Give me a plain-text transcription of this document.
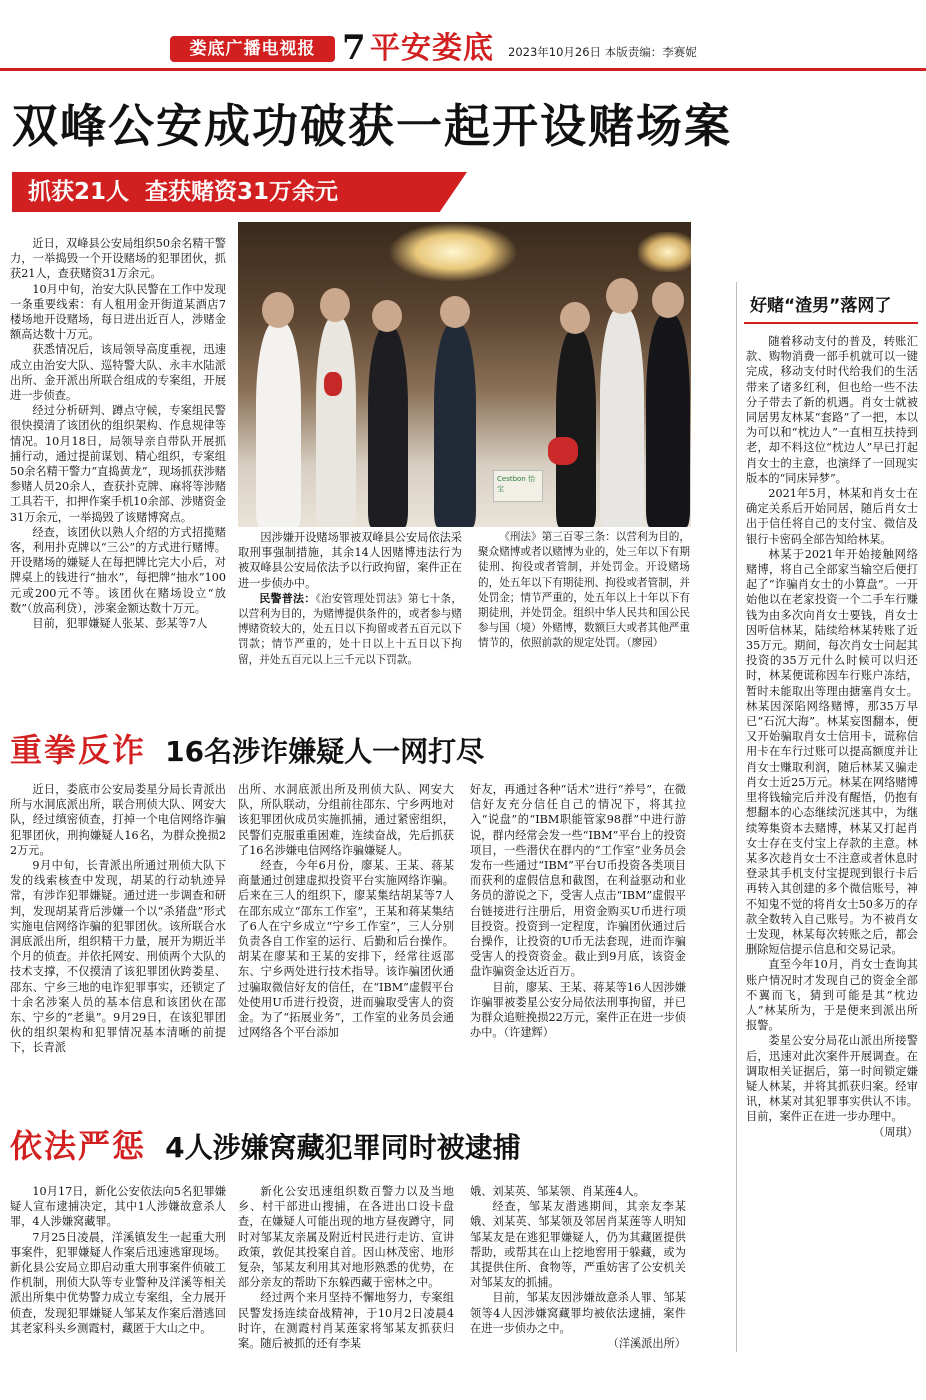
娄底广播电视报 7 平安娄底 2023年10月26日 本版责编：李赛妮
双峰公安成功破获一起开设赌场案
抓获21人  查获赌资31万余元

近日，双峰县公安局组织50余名精干警力，一举捣毁一个开设赌场的犯罪团伙，抓获21人，查获赌资31万余元。

10月中旬，治安大队民警在工作中发现一条重要线索：有人租用金开街道某酒店7楼场地开设赌场，每日进出近百人，涉赌金额高达数十万元。

获悉情况后，该局领导高度重视，迅速成立由治安大队、巡特警大队、永丰水陆派出所、金开派出所联合组成的专案组，开展进一步侦查。

经过分析研判、蹲点守候，专案组民警很快摸清了该团伙的组织架构、作息规律等情况。10月18日，局领导亲自带队开展抓捕行动，通过提前谋划、精心组织，专案组50余名精干警力“直捣黄龙”，现场抓获涉赌参赌人员20余人，查获扑克牌、麻将等涉赌工具若干，扣押作案手机10余部、涉赌资金31万余元，一举捣毁了该赌博窝点。

经查，该团伙以熟人介绍的方式招揽赌客，利用扑克牌以“三公”的方式进行赌博。开设赌场的嫌疑人在每把牌比完大小后，对牌桌上的钱进行“抽水”，每把牌“抽水”100元或200元不等。该团伙在赌场设立“放数”（放高利贷），涉案金额达数十万元。

目前，犯罪嫌疑人张某、彭某等7人

Cestbon 怡宝

因涉嫌开设赌场罪被双峰县公安局依法采取刑事强制措施，其余14人因赌博违法行为被双峰县公安局依法予以行政拘留，案件正在进一步侦办中。

民警普法：《治安管理处罚法》第七十条，以营利为目的，为赌博提供条件的，或者参与赌博赌资较大的，处五日以下拘留或者五百元以下罚款；情节严重的，处十日以上十五日以下拘留，并处五百元以上三千元以下罚款。

《刑法》第三百零三条：以营利为目的，聚众赌博或者以赌博为业的，处三年以下有期徒刑、拘役或者管制，并处罚金。开设赌场的，处五年以下有期徒刑、拘役或者管制，并处罚金；情节严重的，处五年以上十年以下有期徒刑，并处罚金。组织中华人民共和国公民参与国（境）外赌博，数额巨大或者其他严重情节的，依照前款的规定处罚。（廖园）

好赌“渣男”落网了

随着移动支付的普及，转账汇款、购物消费一部手机就可以一键完成，移动支付时代给我们的生活带来了诸多红利，但也给一些不法分子带去了新的机遇。肖女士就被同居男友林某“套路”了一把，本以为可以和“枕边人”一直相互扶持到老，却不料这位“枕边人”早已打起肖女士的主意，也演绎了一回现实版本的“同床异梦”。

2021年5月，林某和肖女士在确定关系后开始同居，随后肖女士出于信任将自己的支付宝、微信及银行卡密码全部告知给林某。

林某于2021年开始接触网络赌博，将自己全部家当输空后便打起了“诈骗肖女士的小算盘”。一开始他以在老家投资一个二手车行赚钱为由多次向肖女士要钱，肖女士因听信林某，陆续给林某转账了近35万元。期间，每次肖女士问起其投资的35万元什么时候可以归还时，林某便谎称因车行账户冻结，暂时未能取出等理由搪塞肖女士。林某因深陷网络赌博，那35万早已“石沉大海”。林某妄图翻本，便又开始骗取肖女士信用卡，谎称信用卡在车行过账可以提高额度并让肖女士赚取利润，随后林某又骗走肖女士近25万元。林某在网络赌博里将钱输完后并没有醒悟，仍抱有想翻本的心态继续沉迷其中，为继续筹集资本去赌博，林某又打起肖女士存在支付宝上存款的主意。林某多次趁肖女士不注意或者休息时登录其手机支付宝提现到银行卡后再转入其创建的多个微信账号，神不知鬼不觉的将肖女士50多万的存款全数转入自己账号。为不被肖女士发现，林某每次转账之后，都会删除短信提示信息和交易记录。

直至今年10月，肖女士查询其账户情况时才发现自己的资金全部不翼而飞，猜到可能是其“枕边人”林某所为，于是便来到派出所报警。

娄星公安分局花山派出所接警后，迅速对此次案件开展调查。在调取相关证据后，第一时间锁定嫌疑人林某，并将其抓获归案。经审讯，林某对其犯罪事实供认不讳。目前，案件正在进一步办理中。

（周琪）

重拳反诈 16名涉诈嫌疑人一网打尽

近日，娄底市公安局娄星分局长青派出所与水洞底派出所，联合刑侦大队、网安大队，经过缜密侦查，打掉一个电信网络诈骗犯罪团伙，刑拘嫌疑人16名，为群众挽损22万元。

9月中旬，长青派出所通过刑侦大队下发的线索核查中发现，胡某的行动轨迹异常，有涉诈犯罪嫌疑。通过进一步调查和研判，发现胡某背后涉嫌一个以“杀猪盘”形式实施电信网络诈骗的犯罪团伙。该所联合水洞底派出所，组织精干力量，展开为期近半个月的侦查。并依托网安、刑侦两个大队的技术支撑，不仅摸清了该犯罪团伙跨娄星、邵东、宁乡三地的电诈犯罪事实，还锁定了十余名涉案人员的基本信息和该团伙在邵东、宁乡的“老巢”。9月29日，在该犯罪团伙的组织架构和犯罪情况基本清晰的前提下，长青派

出所、水洞底派出所及刑侦大队、网安大队，所队联动，分组前往邵东、宁乡两地对该犯罪团伙成员实施抓捕，通过紧密组织，民警们克服重重困难，连续奋战，先后抓获了16名涉嫌电信网络诈骗嫌疑人。

经查，今年6月份，廖某、王某、蒋某商量通过创建虚拟投资平台实施网络诈骗。后来在三人的组织下，廖某集结胡某等7人在邵东成立“邵东工作室”，王某和蒋某集结了6人在宁乡成立“宁乡工作室”，三人分别负责各自工作室的运行、后勤和后台操作。胡某在廖某和王某的安排下，经常往返邵东、宁乡两处进行技术指导。该诈骗团伙通过骗取微信好友的信任，在“IBM”虚假平台处使用U币进行投资，进而骗取受害人的资金。为了“拓展业务”，工作室的业务员会通过网络各个平台添加

好友，再通过各种“话术”进行“养号”，在微信好友充分信任自己的情况下，将其拉入“说盘”的“IBM职能管家98群”中进行游说，群内经常会发一些“IBM”平台上的投资项目，一些潜伏在群内的“工作室”业务员会发布一些通过“IBM”平台U币投资各类项目而获利的虚假信息和截图，在利益驱动和业务员的游说之下，受害人点击“IBM”虚假平台链接进行注册后，用资金购买U币进行项目投资。投资到一定程度，诈骗团伙通过后台操作，让投资的U币无法套现，进而诈骗受害人的投资资金。截止到9月底，该资金盘诈骗资金达近百万。

目前，廖某、王某、蒋某等16人因涉嫌诈骗罪被娄星公安分局依法刑事拘留，并已为群众追赃挽损22万元，案件正在进一步侦办中。（许建辉）

依法严惩 4人涉嫌窝藏犯罪同时被逮捕

10月17日，新化公安依法向5名犯罪嫌疑人宣布逮捕决定，其中1人涉嫌故意杀人罪，4人涉嫌窝藏罪。

7月25日凌晨，洋溪镇发生一起重大刑事案件，犯罪嫌疑人作案后迅速逃窜现场。新化县公安局立即启动重大刑事案件侦破工作机制，刑侦大队等专业警种及洋溪等相关派出所集中优势警力成立专案组，全力展开侦查，发现犯罪嫌疑人邹某友作案后潜逃回其老家科头乡测霞村，藏匿于大山之中。

新化公安迅速组织数百警力以及当地乡、村干部进山搜捕，在各进出口设卡盘查，在嫌疑人可能出现的地方昼夜蹲守，同时对邹某友亲属及附近村民进行走访、宣讲政策，敦促其投案自首。因山林茂密、地形复杂，邹某友利用其对地形熟悉的优势，在部分亲友的帮助下东躲西藏于密林之中。

经过两个来月坚持不懈地努力，专案组民警发扬连续奋战精神，于10月2日凌晨4时许，在测霞村肖某莲家将邹某友抓获归案。随后被抓的还有李某

娥、刘某英、邹某领、肖某莲4人。

经查，邹某友潜逃期间，其亲友李某娥、刘某英、邹某领及邻居肖某莲等人明知邹某友是在逃犯罪嫌疑人，仍为其藏匿提供帮助，或帮其在山上挖地窖用于躲藏，或为其提供住所、食物等，严重妨害了公安机关对邹某友的抓捕。

目前，邹某友因涉嫌故意杀人罪、邹某领等4人因涉嫌窝藏罪均被依法逮捕，案件在进一步侦办之中。

（洋溪派出所）
